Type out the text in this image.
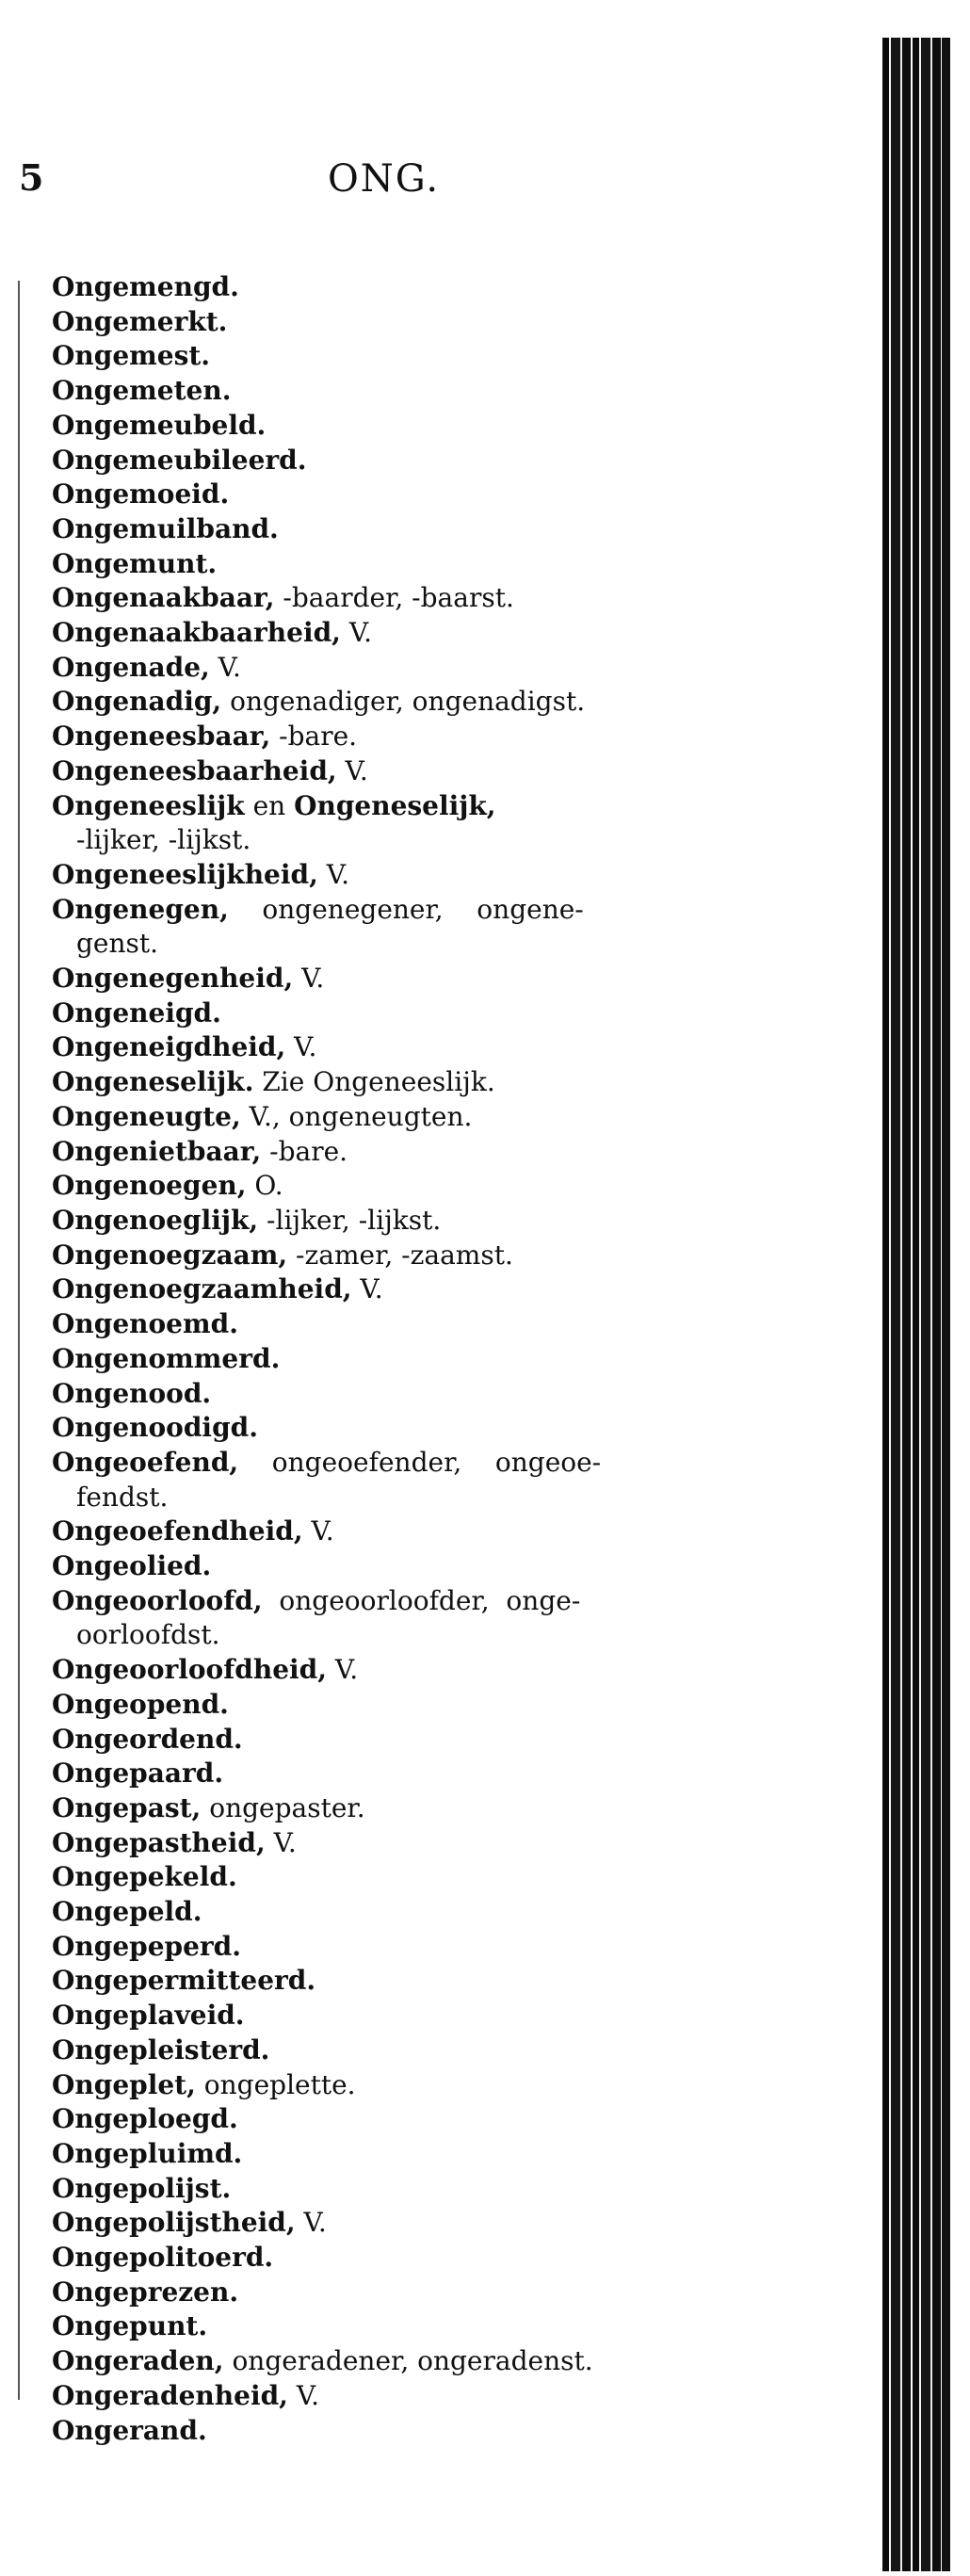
5	ONG.
Ongemengd.
Ongemerkt.
Ongemest.
Ongemeten.
Ongemeubeld.
Ongemeubileerd.
Ongemoeid.
Ongemuilband.
Ongemunt.
Ongenaakbaar, -baarder, -baarst.
Ongenaakbaarheid, V.
Ongenade, V.
Ongenadig, ongenadiger, ongenadigst.
Ongeneesbaar, -bare.
Ongeneesbaarheid, V.
Ongeneeslijk en Ongeneselijk,
-lijker, -lijkst.
Ongeneeslijkheid, V.
Ongenegen,    ongenegener,    ongene-
genst.
Ongenegenheid, V.
Ongeneigd.
Ongeneigdheid, V.
Ongeneselijk. Zie Ongeneeslijk.
Ongeneugte, V., ongeneugten.
Ongenietbaar, -bare.
Ongenoegen, O.
Ongenoeglijk, -lijker, -lijkst.
Ongenoegzaam, -zamer, -zaamst.
Ongenoegzaamheid, V.
Ongenoemd.
Ongenommerd.
Ongenood.
Ongenoodigd.
Ongeoefend,    ongeoefender,    ongeoe-
fendst.
Ongeoefendheid, V.
Ongeolied.
Ongeoorloofd,  ongeoorloofder,  onge-
oorloofdst.
Ongeoorloofdheid, V.
Ongeopend.
Ongeordend.
Ongepaard.
Ongepast, ongepaster.
Ongepastheid, V.
Ongepekeld.
Ongepeld.
Ongepeperd.
Ongepermitteerd.
Ongeplaveid.
Ongepleisterd.
Ongeplet, ongeplette.
Ongeploegd.
Ongepluimd.
Ongepolijst.
Ongepolijstheid, V.
Ongepolitoerd.
Ongeprezen.
Ongepunt.
Ongeraden, ongeradener, ongeradenst.
Ongeradenheid, V.
Ongerand.
